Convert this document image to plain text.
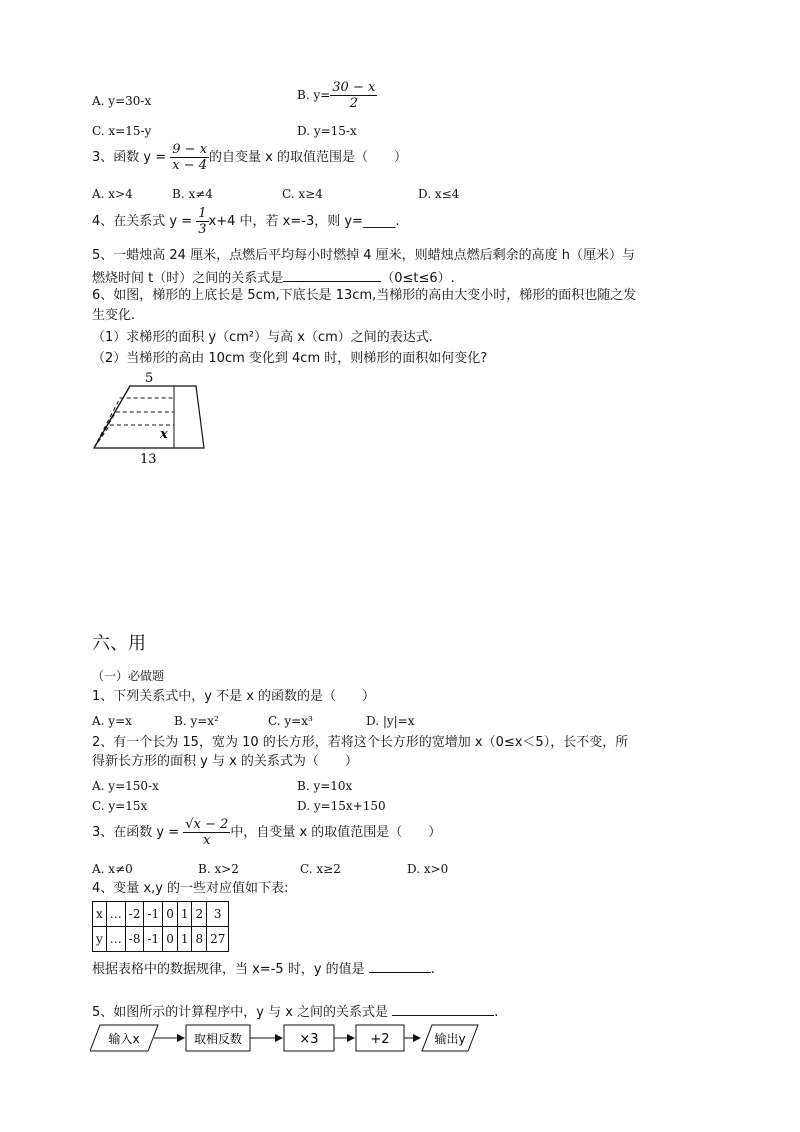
A. y=30-x	B. $y= \frac{30 - x}{2}$
C. x=15-y	D. y=15-x
3、函数 $y = \frac{9 - x}{x - 4}$ 的自变量 x 的取值范围是（　　）
A. x>4	B. x≠4	C. x≥4	D. x≤4
4、在关系式 $y = \frac{1}{3} x+4$ 中，若 x=-3，则 y=_____.
5、一蜡烛高 24 厘米，点燃后平均每小时燃掉 4 厘米，则蜡烛点燃后剩余的高度 h（厘米）与
燃烧时间 t（时）之间的关系式是	（0≤t≤6）.
6、如图，梯形的上底长是 5cm,下底长是 13cm,当梯形的高由大变小时，梯形的面积也随之发
生变化.
（1）求梯形的面积 y（cm²）与高 x（cm）之间的表达式.
（2）当梯形的高由 10cm 变化到 4cm 时，则梯形的面积如何变化?
5
x
13
六、用
（一）必做题
1、下列关系式中，y 不是 x 的函数的是（　　）
A. y=x	B. y=x²	C. y=x³	D. |y|=x
2、有一个长为 15，宽为 10 的长方形，若将这个长方形的宽增加 x（0≤x＜5），长不变，所
得新长方形的面积 y 与 x 的关系式为（　　）
A. y=150-x	B. y=10x
C. y=15x	D. y=15x+150
3、在函数 $y = \frac{√x - 2}{x}$ 中，自变量 x 的取值范围是（　　）
A. x≠0	B. x>2	C. x≥2	D. x>0
4、变量 x,y 的一些对应值如下表:
x	…	-2	-1	0	1	2	3
y	…	-8	-1	0	1	8	27
根据表格中的数据规律，当 x=-5 时，y 的值是	.
5、如图所示的计算程序中，y 与 x 之间的关系式是	.
输入x	取相反数	×3	+2	输出y
